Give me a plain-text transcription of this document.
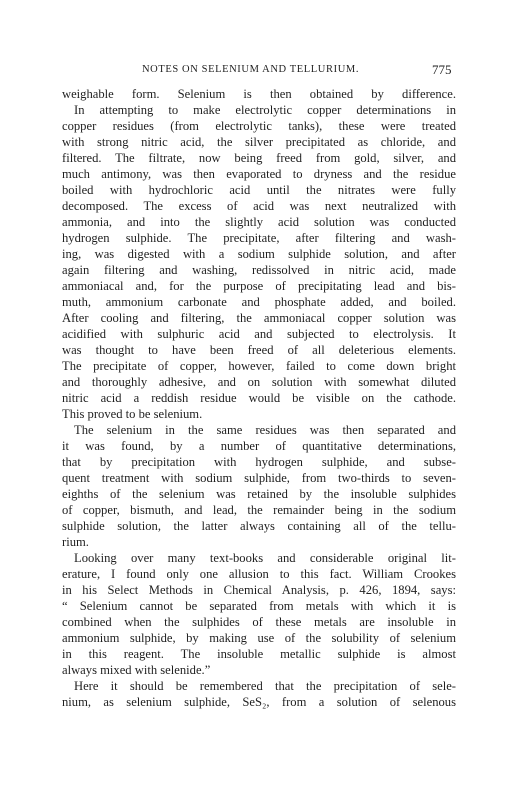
NOTES ON SELENIUM AND TELLURIUM.	775
weighable form. Selenium is then obtained by difference.
In attempting to make electrolytic copper determinations in
copper residues (from electrolytic tanks), these were treated
with strong nitric acid, the silver precipitated as chloride, and
filtered. The filtrate, now being freed from gold, silver, and
much antimony, was then evaporated to dryness and the residue
boiled with hydrochloric acid until the nitrates were fully
decomposed. The excess of acid was next neutralized with
ammonia, and into the slightly acid solution was conducted
hydrogen sulphide. The precipitate, after filtering and wash-
ing, was digested with a sodium sulphide solution, and after
again filtering and washing, redissolved in nitric acid, made
ammoniacal and, for the purpose of precipitating lead and bis-
muth, ammonium carbonate and phosphate added, and boiled.
After cooling and filtering, the ammoniacal copper solution was
acidified with sulphuric acid and subjected to electrolysis. It
was thought to have been freed of all deleterious elements.
The precipitate of copper, however, failed to come down bright
and thoroughly adhesive, and on solution with somewhat diluted
nitric acid a reddish residue would be visible on the cathode.
This proved to be selenium.
The selenium in the same residues was then separated and
it was found, by a number of quantitative determinations,
that by precipitation with hydrogen sulphide, and subse-
quent treatment with sodium sulphide, from two-thirds to seven-
eighths of the selenium was retained by the insoluble sulphides
of copper, bismuth, and lead, the remainder being in the sodium
sulphide solution, the latter always containing all of the tellu-
rium.
Looking over many text-books and considerable original lit-
erature, I found only one allusion to this fact. William Crookes
in his Select Methods in Chemical Analysis, p. 426, 1894, says:
“ Selenium cannot be separated from metals with which it is
combined when the sulphides of these metals are insoluble in
ammonium sulphide, by making use of the solubility of selenium
in this reagent. The insoluble metallic sulphide is almost
always mixed with selenide.”
Here it should be remembered that the precipitation of sele-
nium, as selenium sulphide, SeS₂, from a solution of selenous
